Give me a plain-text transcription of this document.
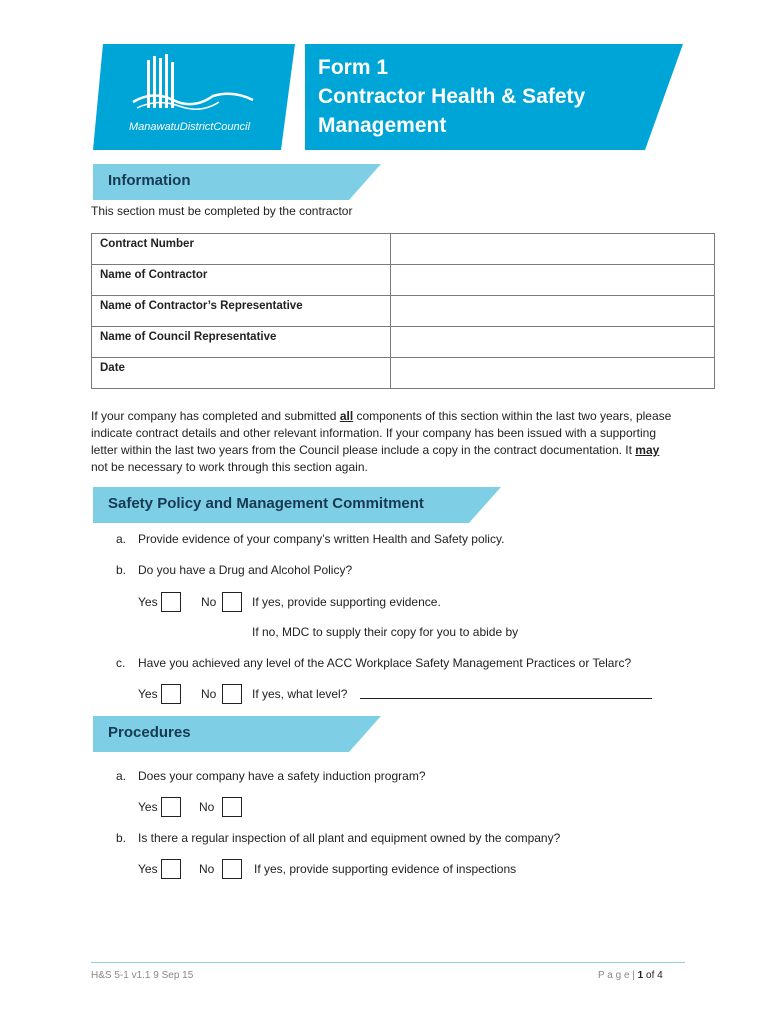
ManawatuDistrictCouncil
Form 1
Contractor Health & Safety
Management
Information
This section must be completed by the contractor
Contract Number	
Name of Contractor	
Name of Contractor’s Representative	
Name of Council Representative	
Date	
If your company has completed and submitted all components of this section within the last two years, please
indicate contract details and other relevant information. If your company has been issued with a supporting
letter within the last two years from the Council please include a copy in the contract documentation. It may
not be necessary to work through this section again.
Safety Policy and Management Commitment
a. Provide evidence of your company’s written Health and Safety policy.
b. Do you have a Drug and Alcohol Policy?
Yes	No	If yes, provide supporting evidence.
If no, MDC to supply their copy for you to abide by
c. Have you achieved any level of the ACC Workplace Safety Management Practices or Telarc?
Yes	No	If yes, what level?
Procedures
a. Does your company have a safety induction program?
Yes	No
b. Is there a regular inspection of all plant and equipment owned by the company?
Yes	No	If yes, provide supporting evidence of inspections
H&S 5-1 v1.1 9 Sep 15	P a g e | 1 of 4
